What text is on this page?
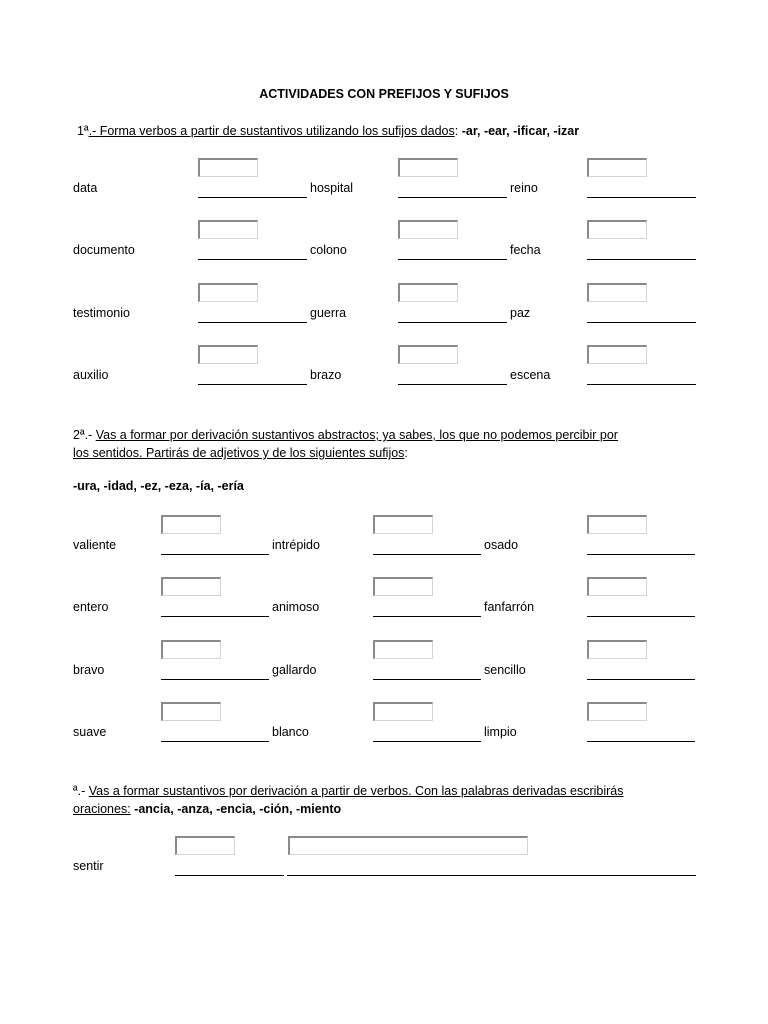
ACTIVIDADES CON PREFIJOS Y SUFIJOS
1ª.- Forma verbos a partir de sustantivos utilizando los sufijos dados: -ar, -ear, -ificar, -izar
data	hospital	reino
documento	colono	fecha
testimonio	guerra	paz
auxilio	brazo	escena
2ª.- Vas a formar por derivación sustantivos abstractos; ya sabes, los que no podemos percibir por
los sentidos. Partirás de adjetivos y de los siguientes sufijos:
-ura, -idad, -ez, -eza, -ía, -ería
valiente	intrépido	osado
entero	animoso	fanfarrón
bravo	gallardo	sencillo
suave	blanco	limpio
ª.- Vas a formar sustantivos por derivación a partir de verbos. Con las palabras derivadas escribirás
oraciones: -ancia, -anza, -encia, -ción, -miento
sentir
